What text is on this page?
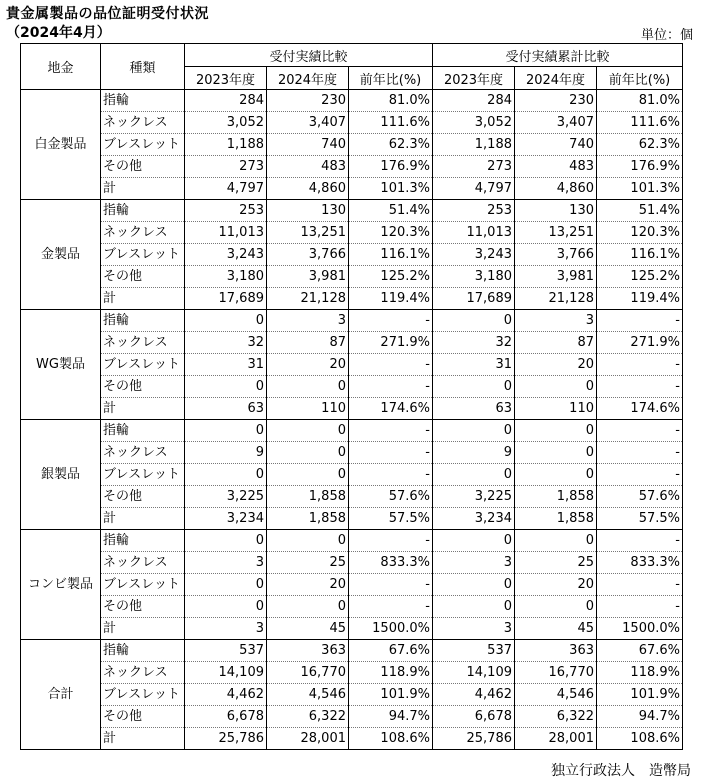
貴金属製品の品位証明受付状況
（2024年4月）	単位：個
地金	種類	受付実績比較			受付実績累計比較		
		2023年度	2024年度	前年比(%)	2023年度	2024年度	前年比(%)
白金製品	指輪	284	230	81.0%	284	230	81.0%
	ネックレス	3,052	3,407	111.6%	3,052	3,407	111.6%
	ブレスレット	1,188	740	62.3%	1,188	740	62.3%
	その他	273	483	176.9%	273	483	176.9%
	計	4,797	4,860	101.3%	4,797	4,860	101.3%
金製品	指輪	253	130	51.4%	253	130	51.4%
	ネックレス	11,013	13,251	120.3%	11,013	13,251	120.3%
	ブレスレット	3,243	3,766	116.1%	3,243	3,766	116.1%
	その他	3,180	3,981	125.2%	3,180	3,981	125.2%
	計	17,689	21,128	119.4%	17,689	21,128	119.4%
WG製品	指輪	0	3	-	0	3	-
	ネックレス	32	87	271.9%	32	87	271.9%
	ブレスレット	31	20	-	31	20	-
	その他	0	0	-	0	0	-
	計	63	110	174.6%	63	110	174.6%
銀製品	指輪	0	0	-	0	0	-
	ネックレス	9	0	-	9	0	-
	ブレスレット	0	0	-	0	0	-
	その他	3,225	1,858	57.6%	3,225	1,858	57.6%
	計	3,234	1,858	57.5%	3,234	1,858	57.5%
コンビ製品	指輪	0	0	-	0	0	-
	ネックレス	3	25	833.3%	3	25	833.3%
	ブレスレット	0	20	-	0	20	-
	その他	0	0	-	0	0	-
	計	3	45	1500.0%	3	45	1500.0%
合計	指輪	537	363	67.6%	537	363	67.6%
	ネックレス	14,109	16,770	118.9%	14,109	16,770	118.9%
	ブレスレット	4,462	4,546	101.9%	4,462	4,546	101.9%
	その他	6,678	6,322	94.7%	6,678	6,322	94.7%
	計	25,786	28,001	108.6%	25,786	28,001	108.6%
独立行政法人　造幣局
